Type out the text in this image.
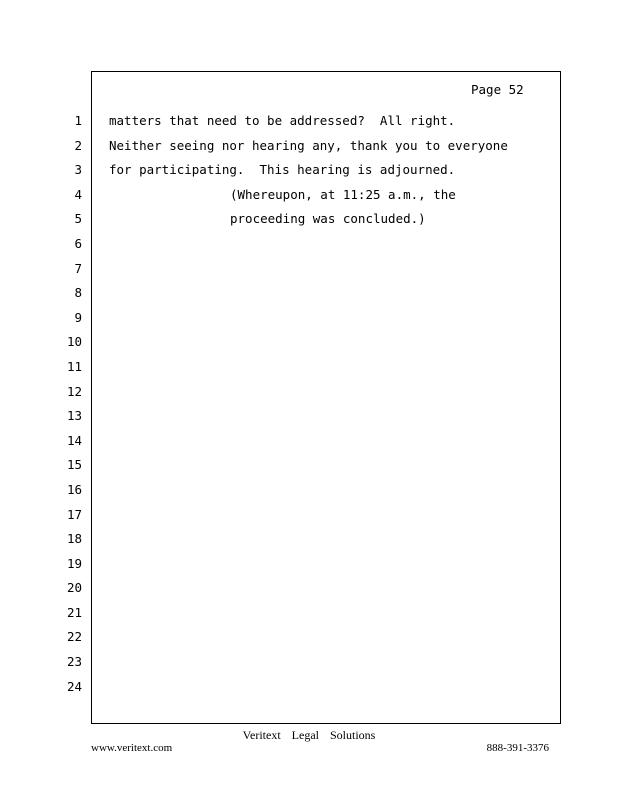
Page 52
1
2
3
4
5
6
7
8
9
10
11
12
13
14
15
16
17
18
19
20
21
22
23
24
matters that need to be addressed?  All right.
Neither seeing nor hearing any, thank you to everyone
for participating.  This hearing is adjourned.
(Whereupon, at 11:25 a.m., the
proceeding was concluded.)
Veritext Legal Solutions
www.veritext.com	888-391-3376
